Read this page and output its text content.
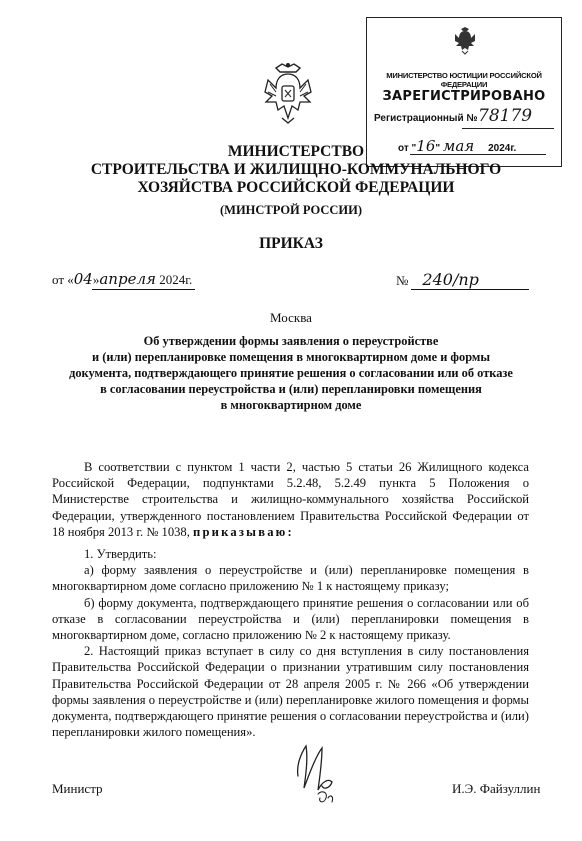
МИНИСТЕРСТВО ЮСТИЦИИ РОССИЙСКОЙ ФЕДЕРАЦИИ
ЗАРЕГИСТРИРОВАНО
Регистрационный № 78179
от "16" мая 2024г.
МИНИСТЕРСТВО
СТРОИТЕЛЬСТВА И ЖИЛИЩНО-КОММУНАЛЬНОГО
ХОЗЯЙСТВА РОССИЙСКОЙ ФЕДЕРАЦИИ
(МИНСТРОЙ РОССИИ)
ПРИКАЗ
от «04»апреля 2024г.	№ 240/пр
Москва
Об утверждении формы заявления о переустройстве
и (или) перепланировке помещения в многоквартирном доме и формы
документа, подтверждающего принятие решения о согласовании или об отказе
в согласовании переустройства и (или) перепланировки помещения
в многоквартирном доме

В соответствии с пунктом 1 части 2, частью 5 статьи 26 Жилищного кодекса Российской Федерации, подпунктами 5.2.48, 5.2.49 пункта 5 Положения о Министерстве строительства и жилищно-коммунального хозяйства Российской Федерации, утвержденного постановлением Правительства Российской Федерации от 18 ноября 2013 г. № 1038, приказываю:

1. Утвердить:

а) форму заявления о переустройстве и (или) перепланировке помещения в многоквартирном доме согласно приложению № 1 к настоящему приказу;

б) форму документа, подтверждающего принятие решения о согласовании или об отказе в согласовании переустройства и (или) перепланировки помещения в многоквартирном доме, согласно приложению № 2 к настоящему приказу.

2. Настоящий приказ вступает в силу со дня вступления в силу постановления Правительства Российской Федерации о признании утратившим силу постановления Правительства Российской Федерации от 28 апреля 2005 г. № 266 «Об утверждении формы заявления о переустройстве и (или) перепланировке жилого помещения и формы документа, подтверждающего принятие решения о согласовании переустройства и (или) перепланировки жилого помещения».

Министр	И.Э. Файзуллин
